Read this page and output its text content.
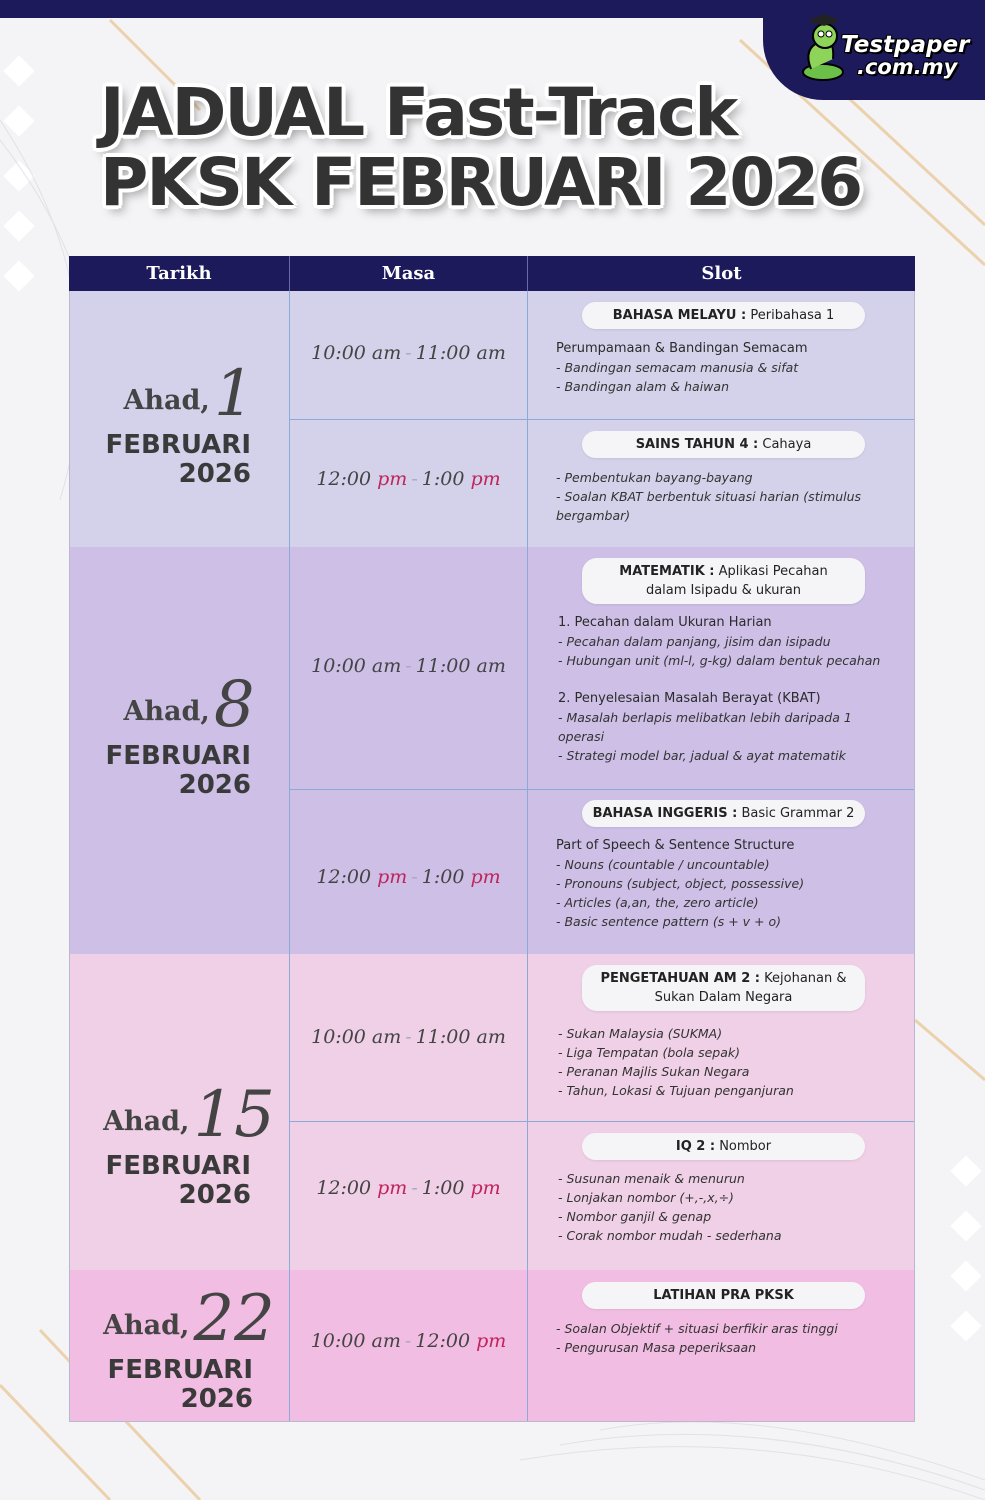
Testpaper
.com.my
JADUAL Fast-Track
PKSK FEBRUARI 2026
Tarikh	Masa	Slot
Ahad,1
FEBRUARI
2026
10:00 am - 11:00 am
BAHASA MELAYU : Peribahasa 1
Perumpamaan & Bandingan Semacam
- Bandingan semacam manusia & sifat
- Bandingan alam & haiwan
12:00 pm - 1:00 pm
SAINS TAHUN 4 : Cahaya
- Pembentukan bayang-bayang
- Soalan KBAT berbentuk situasi harian (stimulus bergambar)
Ahad,8
FEBRUARI
2026
10:00 am - 11:00 am
MATEMATIK : Aplikasi Pecahan
dalam Isipadu & ukuran
1. Pecahan dalam Ukuran Harian
- Pecahan dalam panjang, jisim dan isipadu
- Hubungan unit (ml-l, g-kg) dalam bentuk pecahan
2. Penyelesaian Masalah Berayat (KBAT)
- Masalah berlapis melibatkan lebih daripada 1 operasi
- Strategi model bar, jadual & ayat matematik
12:00 pm - 1:00 pm
BAHASA INGGERIS : Basic Grammar 2
Part of Speech & Sentence Structure
- Nouns (countable / uncountable)
- Pronouns (subject, object, possessive)
- Articles (a,an, the, zero article)
- Basic sentence pattern (s + v + o)
Ahad,15
FEBRUARI
2026
10:00 am - 11:00 am
PENGETAHUAN AM 2 : Kejohanan &
Sukan Dalam Negara
- Sukan Malaysia (SUKMA)
- Liga Tempatan (bola sepak)
- Peranan Majlis Sukan Negara
- Tahun, Lokasi & Tujuan penganjuran
12:00 pm - 1:00 pm
IQ 2 : Nombor
- Susunan menaik & menurun
- Lonjakan nombor (+,-,x,÷)
- Nombor ganjil & genap
- Corak nombor mudah - sederhana
Ahad,22
FEBRUARI
2026
10:00 am - 12:00 pm
LATIHAN PRA PKSK
- Soalan Objektif + situasi berfikir aras tinggi
- Pengurusan Masa peperiksaan
